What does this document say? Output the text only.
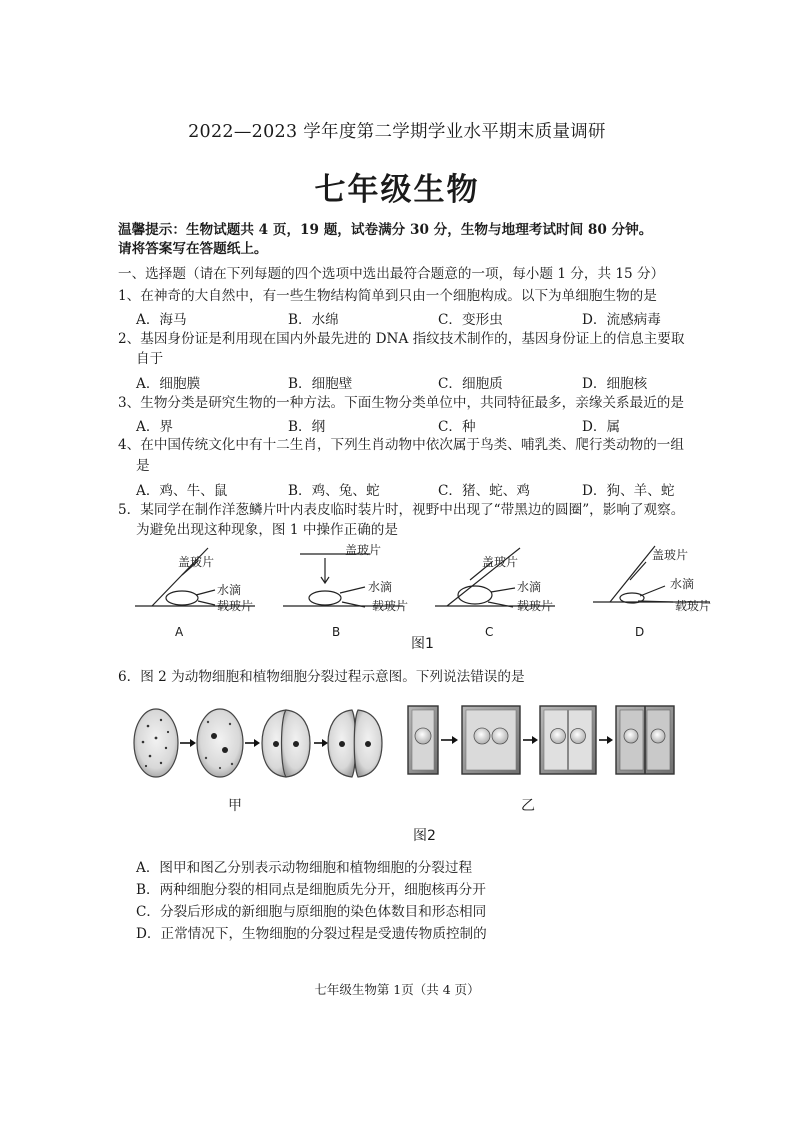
2022—2023 学年度第二学期学业水平期末质量调研
七年级生物
温馨提示：生物试题共 4 页，19 题，试卷满分 30 分，生物与地理考试时间 80 分钟。
请将答案写在答题纸上。
一、选择题（请在下列每题的四个选项中选出最符合题意的一项，每小题 1 分，共 15 分）
1、在神奇的大自然中，有一些生物结构简单到只由一个细胞构成。以下为单细胞生物的是
A．海马	B．水绵	C．变形虫	D．流感病毒
2、基因身份证是利用现在国内外最先进的 DNA 指纹技术制作的，基因身份证上的信息主要取
自于
A．细胞膜	B．细胞壁	C．细胞质	D．细胞核
3、生物分类是研究生物的一种方法。下面生物分类单位中，共同特征最多，亲缘关系最近的是
A．界	B．纲	C．种	D．属
4、在中国传统文化中有十二生肖，下列生肖动物中依次属于鸟类、哺乳类、爬行类动物的一组
是
A．鸡、牛、鼠	B．鸡、兔、蛇	C．猪、蛇、鸡	D．狗、羊、蛇
5．某同学在制作洋葱鳞片叶内表皮临时装片时，视野中出现了“带黑边的圆圈”，影响了观察。
为避免出现这种现象，图 1 中操作正确的是
盖玻片
水滴
载玻片
盖玻片
水滴
载玻片
盖玻片
水滴
载玻片
盖玻片
水滴
载玻片
A	B	C	D
图1
6．图 2 为动物细胞和植物细胞分裂过程示意图。下列说法错误的是
甲	乙
图2
A．图甲和图乙分别表示动物细胞和植物细胞的分裂过程
B．两种细胞分裂的相同点是细胞质先分开，细胞核再分开
C．分裂后形成的新细胞与原细胞的染色体数目和形态相同
D．正常情况下，生物细胞的分裂过程是受遗传物质控制的
七年级生物第 1页（共 4 页）
